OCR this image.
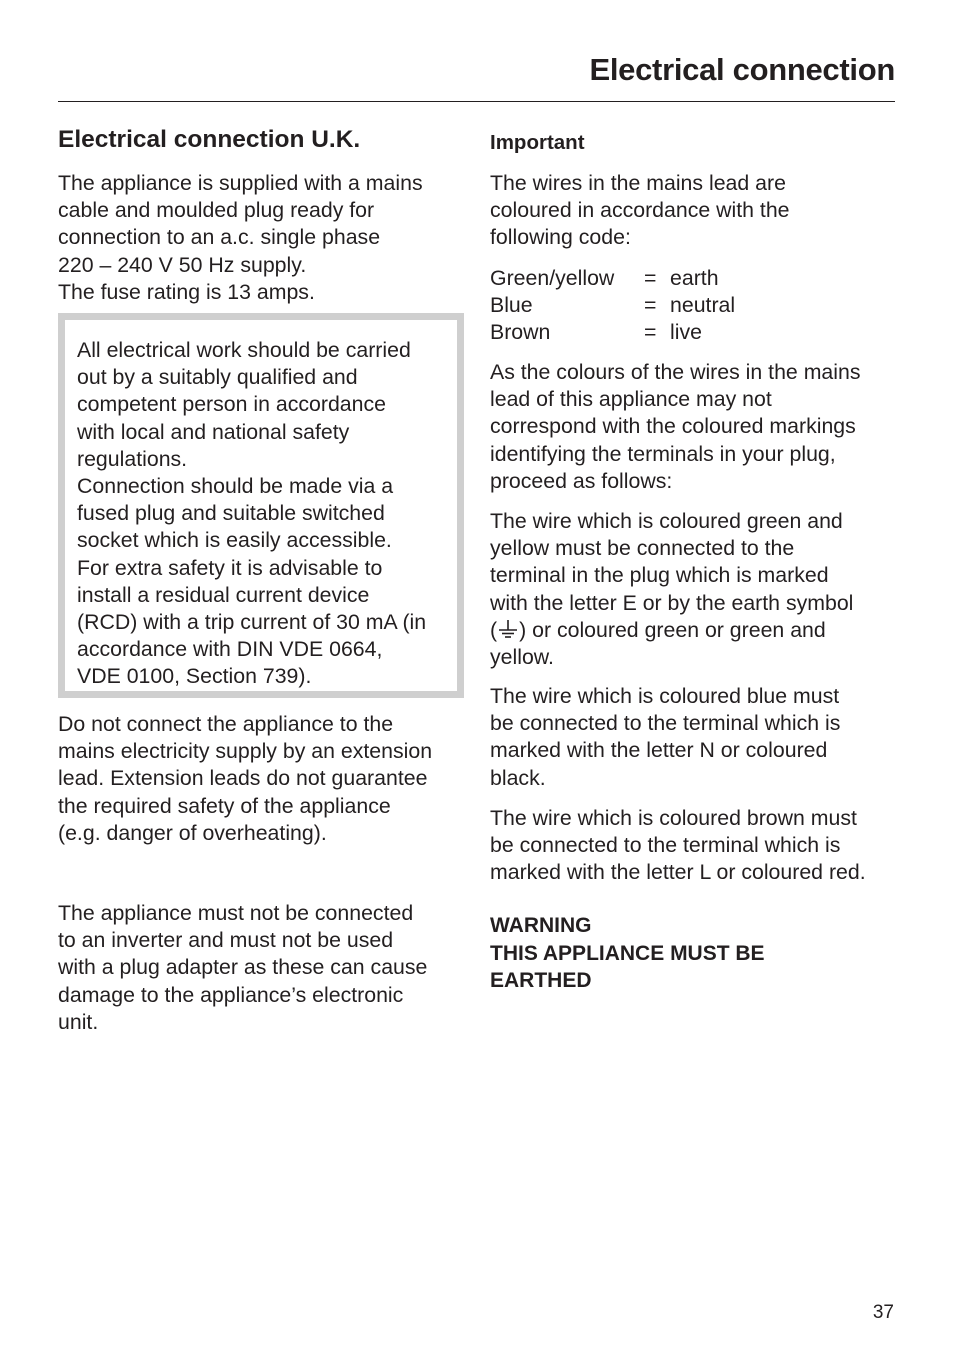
Electrical connection
Electrical connection U.K.

The appliance is supplied with a mains
cable and moulded plug ready for
connection to an a.c. single phase
220 – 240 V 50 Hz supply.
The fuse rating is 13 amps.

All electrical work should be carried
out by a suitably qualified and
competent person in accordance
with local and national safety
regulations.
Connection should be made via a
fused plug and suitable switched
socket which is easily accessible.
For extra safety it is advisable to
install a residual current device
(RCD) with a trip current of 30 mA (in
accordance with DIN VDE 0664,
VDE 0100, Section 739).

Do not connect the appliance to the
mains electricity supply by an extension
lead. Extension leads do not guarantee
the required safety of the appliance
(e.g. danger of overheating).

The appliance must not be connected
to an inverter and must not be used
with a plug adapter as these can cause
damage to the appliance’s electronic
unit.

Important

The wires in the mains lead are
coloured in accordance with the
following code:

Green/yellow = earth
Blue	= neutral
Brown	= live

As the colours of the wires in the mains
lead of this appliance may not
correspond with the coloured markings
identifying the terminals in your plug,
proceed as follows:

The wire which is coloured green and
yellow must be connected to the
terminal in the plug which is marked
with the letter E or by the earth symbol
( ) or coloured green or green and
yellow.

The wire which is coloured blue must
be connected to the terminal which is
marked with the letter N or coloured
black.

The wire which is coloured brown must
be connected to the terminal which is
marked with the letter L or coloured red.

WARNING
THIS APPLIANCE MUST BE
EARTHED

37
